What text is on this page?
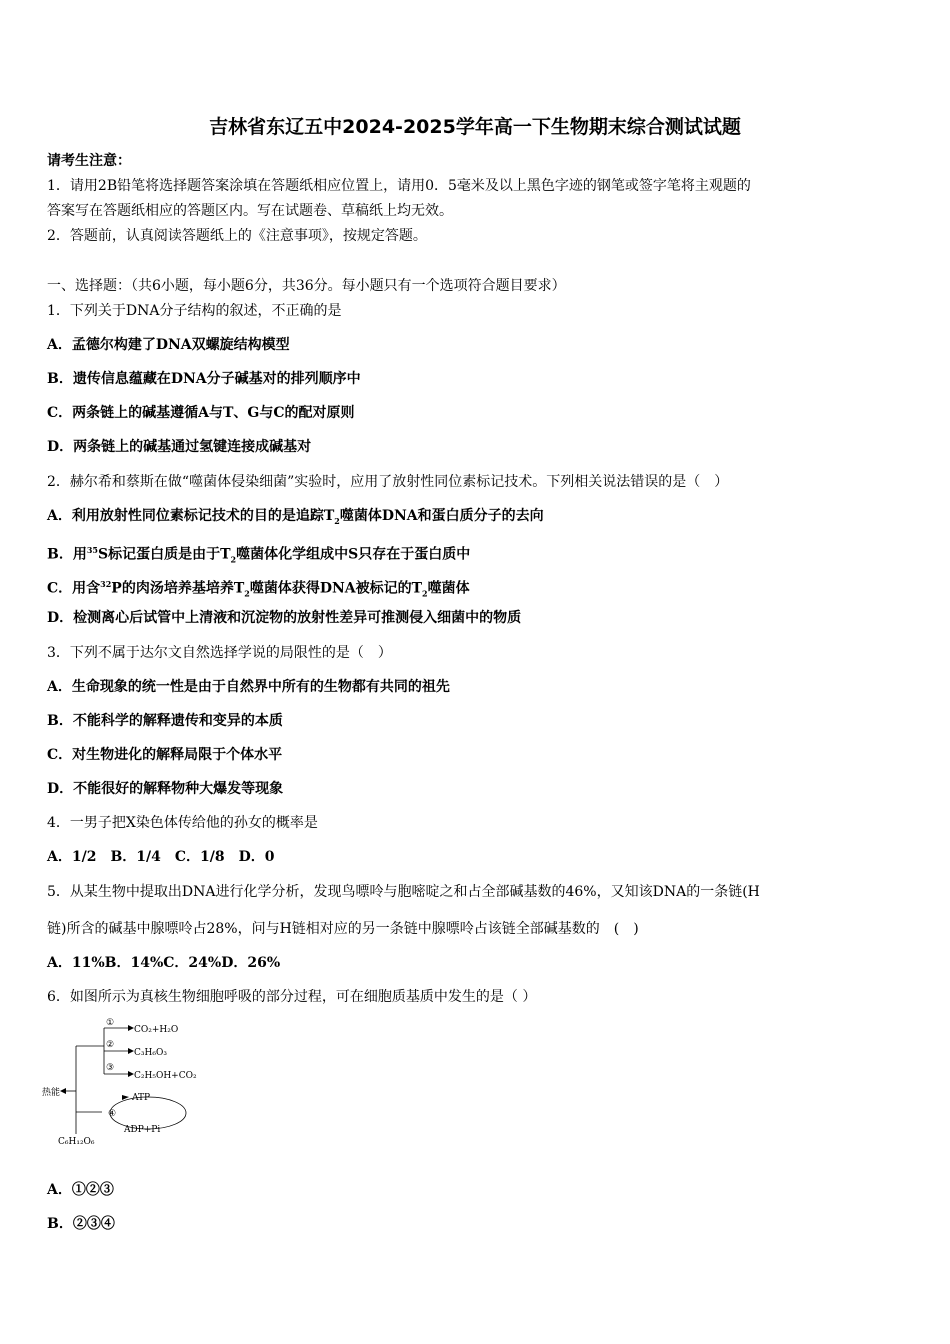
吉林省东辽五中2024-2025学年高一下生物期末综合测试试题
请考生注意：
1．请用2B铅笔将选择题答案涂填在答题纸相应位置上，请用0．5毫米及以上黑色字迹的钢笔或签字笔将主观题的
答案写在答题纸相应的答题区内。写在试题卷、草稿纸上均无效。
2．答题前，认真阅读答题纸上的《注意事项》，按规定答题。
一、选择题：（共6小题，每小题6分，共36分。每小题只有一个选项符合题目要求）
1．下列关于DNA分子结构的叙述，不正确的是
A．孟德尔构建了DNA双螺旋结构模型
B．遗传信息蕴藏在DNA分子碱基对的排列顺序中
C．两条链上的碱基遵循A与T、G与C的配对原则
D．两条链上的碱基通过氢键连接成碱基对
2．赫尔希和蔡斯在做“噬菌体侵染细菌”实验时，应用了放射性同位素标记技术。下列相关说法错误的是（　）
A．利用放射性同位素标记技术的目的是追踪$T_2$噬菌体DNA和蛋白质分子的去向
B．用$^{35}$S标记蛋白质是由于$T_2$噬菌体化学组成中S只存在于蛋白质中
C．用含$^{32}$P的肉汤培养基培养$T_2$噬菌体获得DNA被标记的$T_2$噬菌体
D．检测离心后试管中上清液和沉淀物的放射性差异可推测侵入细菌中的物质
3．下列不属于达尔文自然选择学说的局限性的是（　）
A．生命现象的统一性是由于自然界中所有的生物都有共同的祖先
B．不能科学的解释遗传和变异的本质
C．对生物进化的解释局限于个体水平
D．不能很好的解释物种大爆发等现象
4．一男子把X染色体传给他的孙女的概率是
A．1/2　B．1/4　C．1/8　D．0
5．从某生物中提取出DNA进行化学分析，发现鸟嘌呤与胞嘧啶之和占全部碱基数的46%，又知该DNA的一条链(H
链)所含的碱基中腺嘌呤占28%，问与H链相对应的另一条链中腺嘌呤占该链全部碱基数的　(　)
A．11%B．14%C．24%D．26%
6．如图所示为真核生物细胞呼吸的部分过程，可在细胞质基质中发生的是（ ）
①
②
③
④
CO₂+H₂O
C₃H₆O₃
C₂H₅OH+CO₂
ATP
ADP+Pi
热能
C₆H₁₂O₆
A．①②③
B．②③④
